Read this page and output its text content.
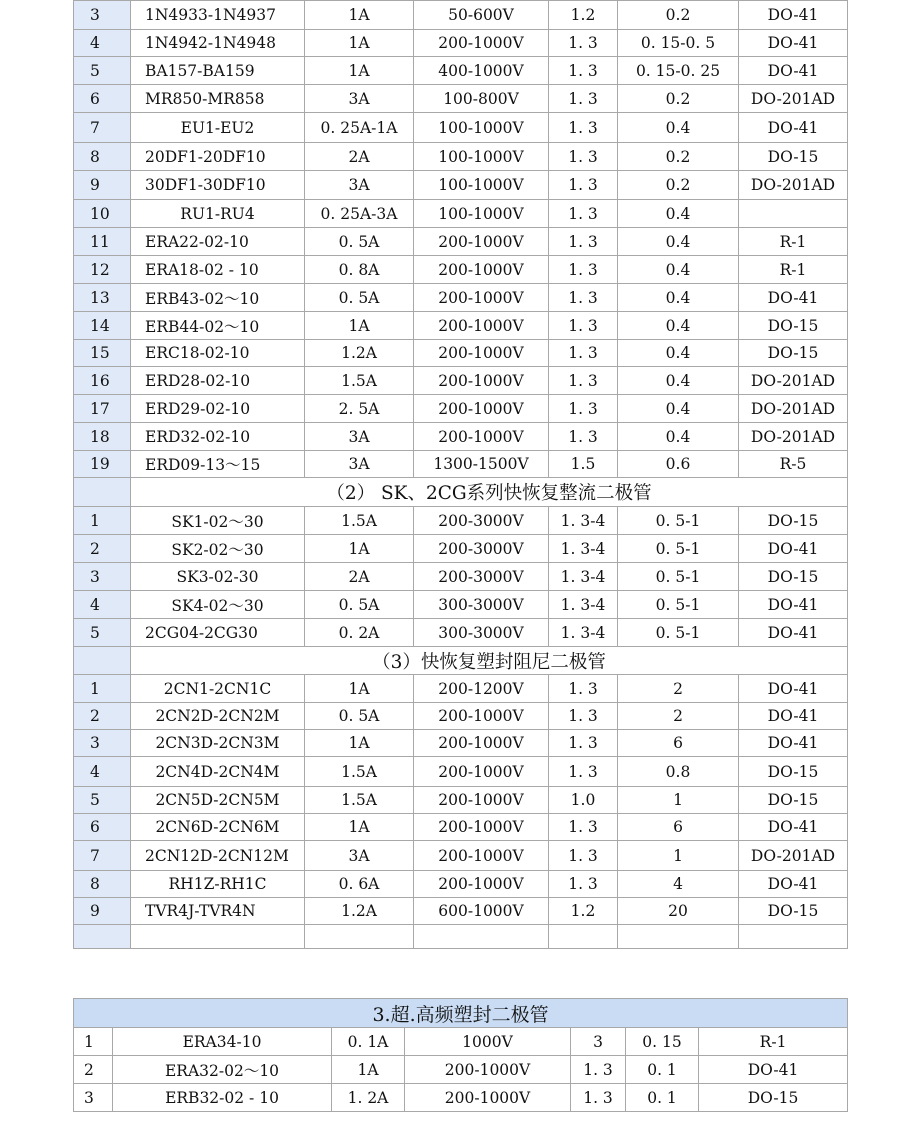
3	1N4933-1N4937	1A	50-600V	1.2	0.2	DO-41
4	1N4942-1N4948	1A	200-1000V	1. 3	0. 15-0. 5	DO-41
5	BA157-BA159	1A	400-1000V	1. 3	0. 15-0. 25	DO-41
6	MR850-MR858	3A	100-800V	1. 3	0.2	DO-201AD
7	EU1-EU2	0. 25A-1A	100-1000V	1. 3	0.4	DO-41
8	20DF1-20DF10	2A	100-1000V	1. 3	0.2	DO-15
9	30DF1-30DF10	3A	100-1000V	1. 3	0.2	DO-201AD
10	RU1-RU4	0. 25A-3A	100-1000V	1. 3	0.4	
11	ERA22-02-10	0. 5A	200-1000V	1. 3	0.4	R-1
12	ERA18-02 - 10	0. 8A	200-1000V	1. 3	0.4	R-1
13	ERB43-02～10	0. 5A	200-1000V	1. 3	0.4	DO-41
14	ERB44-02～10	1A	200-1000V	1. 3	0.4	DO-15
15	ERC18-02-10	1.2A	200-1000V	1. 3	0.4	DO-15
16	ERD28-02-10	1.5A	200-1000V	1. 3	0.4	DO-201AD
17	ERD29-02-10	2. 5A	200-1000V	1. 3	0.4	DO-201AD
18	ERD32-02-10	3A	200-1000V	1. 3	0.4	DO-201AD
19	ERD09-13～15	3A	1300-1500V	1.5	0.6	R-5
	（2） SK、2CG系列快恢复整流二极管					
1	SK1-02～30	1.5A	200-3000V	1. 3-4	0. 5-1	DO-15
2	SK2-02～30	1A	200-3000V	1. 3-4	0. 5-1	DO-41
3	SK3-02-30	2A	200-3000V	1. 3-4	0. 5-1	DO-15
4	SK4-02～30	0. 5A	300-3000V	1. 3-4	0. 5-1	DO-41
5	2CG04-2CG30	0. 2A	300-3000V	1. 3-4	0. 5-1	DO-41
	（3）快恢复塑封阻尼二极管					
1	2CN1-2CN1C	1A	200-1200V	1. 3	2	DO-41
2	2CN2D-2CN2M	0. 5A	200-1000V	1. 3	2	DO-41
3	2CN3D-2CN3M	1A	200-1000V	1. 3	6	DO-41
4	2CN4D-2CN4M	1.5A	200-1000V	1. 3	0.8	DO-15
5	2CN5D-2CN5M	1.5A	200-1000V	1.0	1	DO-15
6	2CN6D-2CN6M	1A	200-1000V	1. 3	6	DO-41
7	2CN12D-2CN12M	3A	200-1000V	1. 3	1	DO-201AD
8	RH1Z-RH1C	0. 6A	200-1000V	1. 3	4	DO-41
9	TVR4J-TVR4N	1.2A	600-1000V	1.2	20	DO-15

3.超.高频塑封二极管						
1	ERA34-10	0. 1A	1000V	3	0. 15	R-1
2	ERA32-02～10	1A	200-1000V	1. 3	0. 1	DO-41
3	ERB32-02 - 10	1. 2A	200-1000V	1. 3	0. 1	DO-15
